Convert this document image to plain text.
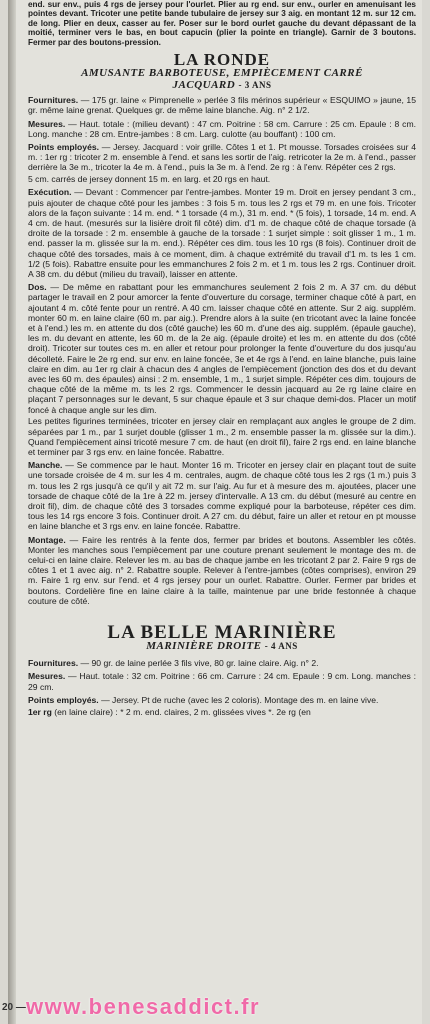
end. sur env., puis 4 rgs de jersey pour l'ourlet. Plier au rg end. sur env., ourler en amenuisant les pointes devant. Tricoter une petite bande tubulaire de jersey sur 3 aig. en montant 12 m. sur 12 cm. de long. Plier en deux, casser au fer. Poser sur le bord ourlet gauche du devant dépassant de la moitié, terminer vers le bas, en bout capucin (plier la pointe en triangle). Garnir de 3 boutons. Fermer par des boutons-pression.

LA RONDE
AMUSANTE BARBOTEUSE, EMPIÈCEMENT CARRÉ
JACQUARD - 3 ANS

Fournitures. — 175 gr. laine « Pimprenelle » perlée 3 fils mérinos supérieur « ESQUIMO » jaune, 15 gr. même laine grenat. Quelques gr. de même laine blanche. Aig. n° 2 1/2.

Mesures. — Haut. totale : (milieu devant) : 47 cm. Poitrine : 58 cm. Carrure : 25 cm. Epaule : 8 cm. Long. manche : 28 cm. Entre-jambes : 8 cm. Larg. culotte (au bouffant) : 100 cm.

Points employés. — Jersey. Jacquard : voir grille. Côtes 1 et 1. Pt mousse. Torsades croisées sur 4 m. : 1er rg : tricoter 2 m. ensemble à l'end. et sans les sortir de l'aig. retricoter la 2e m. à l'end., passer derrière la 3e m., tricoter la 4e m. à l'end., puis la 3e m. à l'end. 2e rg : à l'env. Répéter ces 2 rgs.

5 cm. carrés de jersey donnent 15 m. en larg. et 20 rgs en haut.

Exécution. — Devant : Commencer par l'entre-jambes. Monter 19 m. Droit en jersey pendant 3 cm., puis ajouter de chaque côté pour les jambes : 3 fois 5 m. tous les 2 rgs et 79 m. en une fois. Tricoter alors de la façon suivante : 14 m. end. * 1 torsade (4 m.), 31 m. end. * (5 fois), 1 torsade, 14 m. end. A 4 cm. de haut. (mesurés sur la lisière droit fil côté) dim. d'1 m. de chaque côté de chaque torsade (à droite de la torsade : 2 m. ensemble à gauche de la torsade : 1 surjet simple : soit glisser 1 m., 1 m. end. passer la m. glissée sur la m. end.). Répéter ces dim. tous les 10 rgs (8 fois). Continuer droit de chaque côté des torsades, mais à ce moment, dim. à chaque extrémité du travail d'1 m. ts les 1 cm. 1/2 (5 fois). Rabattre ensuite pour les emmanchures 2 fois 2 m. et 1 m. tous les 2 rgs. Continuer droit. A 38 cm. du début (milieu du travail), laisser en attente.

Dos. — De même en rabattant pour les emmanchures seulement 2 fois 2 m. A 37 cm. du début partager le travail en 2 pour amorcer la fente d'ouverture du corsage, terminer chaque côté à part, en ajoutant 4 m. côté fente pour un rentré. A 40 cm. laisser chaque côté en attente. Sur 2 aig. supplém. monter 60 m. en laine claire (60 m. par aig.). Prendre alors à la suite (en tricotant avec la laine foncée et à l'end.) les m. en attente du dos (côté gauche) les 60 m. d'une des aig. supplém. (épaule gauche), les m. du devant en attente, les 60 m. de la 2e aig. (épaule droite) et les m. en attente du dos (côté droit). Tricoter sur toutes ces m. en aller et retour pour prolonger la fente d'ouverture du dos jusqu'au décolleté. Faire le 2e rg end. sur env. en laine foncée, 3e et 4e rgs à l'end. en laine blanche, puis laine claire en dim. au 1er rg clair à chacun des 4 angles de l'empiècement (jonction des dos et du devant avec les 60 m. des épaules) ainsi : 2 m. ensemble, 1 m., 1 surjet simple. Répéter ces dim. toujours de chaque côté de la même m. ts les 2 rgs. Commencer le dessin jacquard au 2e rg laine claire en plaçant 7 personnages sur le devant, 5 sur chaque épaule et 3 sur chaque demi-dos. Placer un motif foncé à chaque angle sur les dim.

Les petites figurines terminées, tricoter en jersey clair en remplaçant aux angles le groupe de 2 dim. séparées par 1 m., par 1 surjet double (glisser 1 m., 2 m. ensemble passer la m. glissée sur la dim.). Quand l'empiècement ainsi tricoté mesure 7 cm. de haut (en droit fil), faire 2 rgs end. en laine blanche et terminer par 3 rgs env. en laine foncée. Rabattre.

Manche. — Se commence par le haut. Monter 16 m. Tricoter en jersey clair en plaçant tout de suite une torsade croisée de 4 m. sur les 4 m. centrales, augm. de chaque côté tous les 2 rgs (1 m.) puis 3 m. tous les 2 rgs jusqu'à ce qu'il y ait 72 m. sur l'aig. Au fur et à mesure des m. ajoutées, placer une torsade de chaque côté de la 1re à 22 m. jersey d'intervalle. A 13 cm. du début (mesuré au centre en droit fil), dim. de chaque côté des 3 torsades comme expliqué pour la barboteuse, répéter ces dim. tous les 14 rgs encore 3 fois. Continuer droit. A 27 cm. du début, faire un aller et retour en pt mousse en laine blanche et 3 rgs env. en laine foncée. Rabattre.

Montage. — Faire les rentrés à la fente dos, fermer par brides et boutons. Assembler les côtés. Monter les manches sous l'empiècement par une couture prenant seulement le montage des m. de celui-ci en laine claire. Relever les m. au bas de chaque jambe en les tricotant 2 par 2. Faire 9 rgs de côtes 1 et 1 avec aig. n° 2. Rabattre souple. Relever à l'entre-jambes (côtes comprises), environ 29 m. Faire 1 rg env. sur l'end. et 4 rgs jersey pour un ourlet. Rabattre. Ourler. Fermer par brides et boutons. Cordelière fine en laine claire à la taille, maintenue par une bride festonnée à chaque couture de côté.

LA BELLE MARINIÈRE
MARINIÈRE DROITE - 4 ANS

Fournitures. — 90 gr. de laine perlée 3 fils vive, 80 gr. laine claire. Aig. n° 2.

Mesures. — Haut. totale : 32 cm. Poitrine : 66 cm. Carrure : 24 cm. Epaule : 9 cm. Long. manches : 29 cm.

Points employés. — Jersey. Pt de ruche (avec les 2 coloris). Montage des m. en laine vive.

1er rg (en laine claire) : * 2 m. end. claires, 2 m. glissées vives *. 2e rg (en

20 — www.benesaddict.fr
